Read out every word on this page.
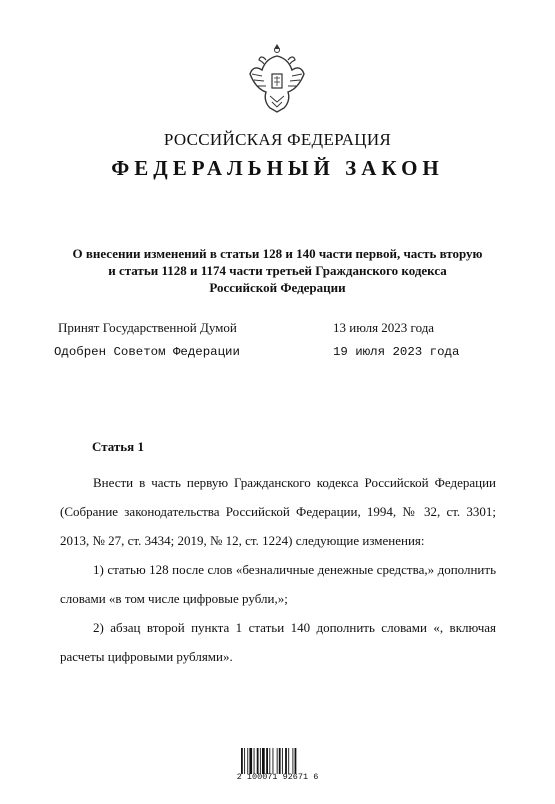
РОССИЙСКАЯ ФЕДЕРАЦИЯ
ФЕДЕРАЛЬНЫЙ ЗАКОН
О внесении изменений в статьи 128 и 140 части первой, часть вторую
и статьи 1128 и 1174 части третьей Гражданского кодекса
Российской Федерации
Принят Государственной Думой	13 июля 2023 года
Одобрен Советом Федерации	19 июля 2023 года
Статья 1

Внести в часть первую Гражданского кодекса Российской Федерации (Собрание законодательства Российской Федерации, 1994, № 32, ст. 3301; 2013, № 27, ст. 3434; 2019, № 12, ст. 1224) следующие изменения:

1) статью 128 после слов «безналичные денежные средства,» дополнить словами «в том числе цифровые рубли,»;

2) абзац второй пункта 1 статьи 140 дополнить словами «, включая расчеты цифровыми рублями».

2 100071 92671 6
